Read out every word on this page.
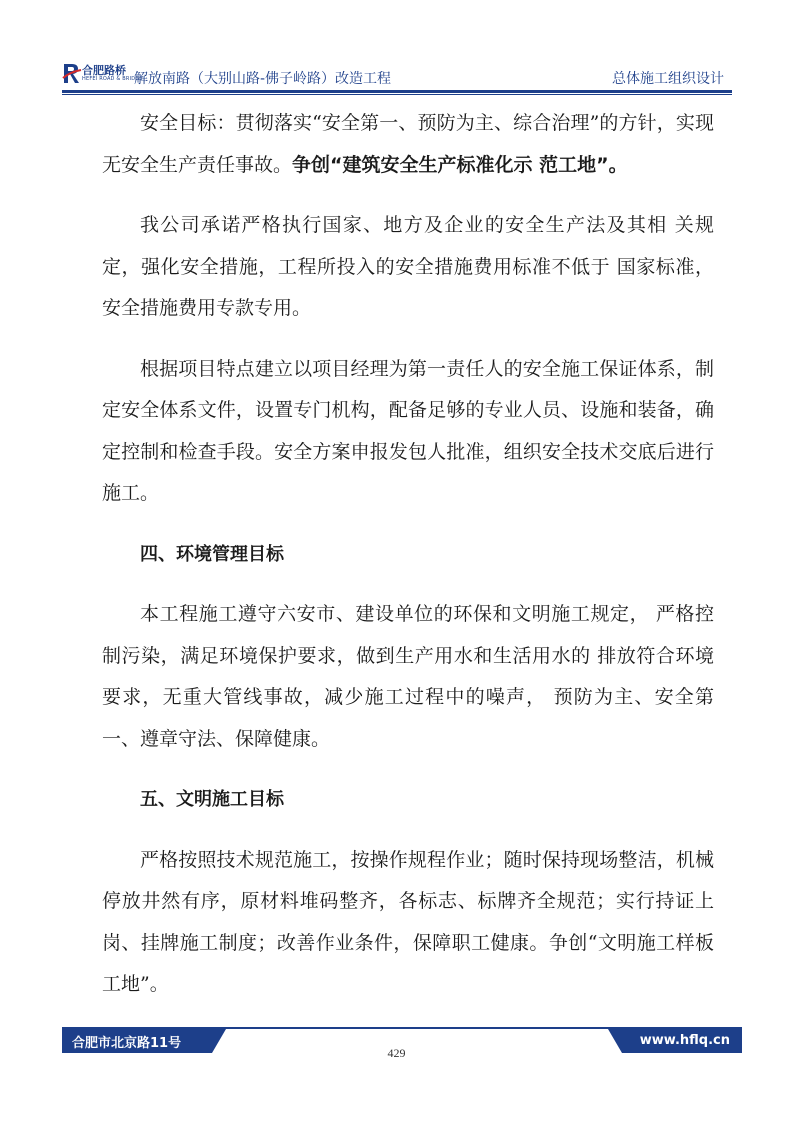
合肥路桥
HEFEI ROAD & BRIDGE
解放南路（大别山路-佛子岭路）改造工程	总体施工组织设计

安全目标：贯彻落实“安全第一、预防为主、综合治理”的方针，实现无安全生产责任事故。争创“建筑安全生产标准化示 范工地”。

我公司承诺严格执行国家、地方及企业的安全生产法及其相 关规定，强化安全措施，工程所投入的安全措施费用标准不低于 国家标准，安全措施费用专款专用。

根据项目特点建立以项目经理为第一责任人的安全施工保证体系，制定安全体系文件，设置专门机构，配备足够的专业人员、设施和装备，确定控制和检查手段。安全方案申报发包人批准，组织安全技术交底后进行施工。

四、环境管理目标

本工程施工遵守六安市、建设单位的环保和文明施工规定， 严格控制污染，满足环境保护要求，做到生产用水和生活用水的 排放符合环境要求，无重大管线事故，减少施工过程中的噪声， 预防为主、安全第一、遵章守法、保障健康。

五、文明施工目标

严格按照技术规范施工，按操作规程作业；随时保持现场整洁，机械停放井然有序，原材料堆码整齐，各标志、标牌齐全规范；实行持证上岗、挂牌施工制度；改善作业条件，保障职工健康。争创“文明施工样板工地”。

合肥市北京路11号	www.hflq.cn
429
